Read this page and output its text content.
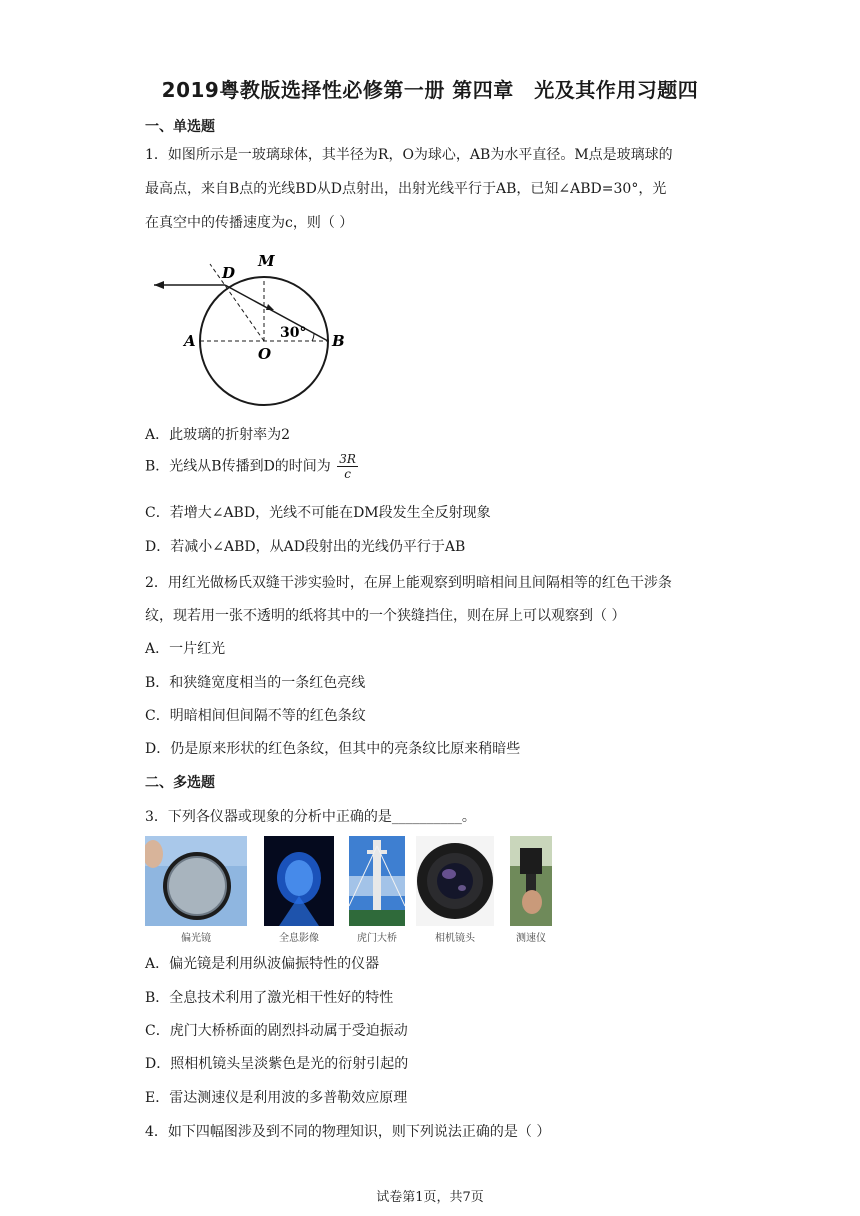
2019粤教版选择性必修第一册 第四章　光及其作用习题四
一、单选题
1．如图所示是一玻璃球体，其半径为R，O为球心，AB为水平直径。M点是玻璃球的
最高点，来自B点的光线BD从D点射出，出射光线平行于AB，已知∠ABD=30°，光
在真空中的传播速度为c，则（ ）
D
M
A
O
B
30°
A．此玻璃的折射率为2
B．光线从B传播到D的时间为 $\frac{3R}{c}$
C．若增大∠ABD，光线不可能在DM段发生全反射现象
D．若减小∠ABD，从AD段射出的光线仍平行于AB
2．用红光做杨氏双缝干涉实验时，在屏上能观察到明暗相间且间隔相等的红色干涉条
纹，现若用一张不透明的纸将其中的一个狭缝挡住，则在屏上可以观察到（ ）
A．一片红光
B．和狭缝宽度相当的一条红色亮线
C．明暗相间但间隔不等的红色条纹
D．仍是原来形状的红色条纹，但其中的亮条纹比原来稍暗些
二、多选题
3．下列各仪器或现象的分析中正确的是__________。
偏光镜	全息影像	虎门大桥	相机镜头	测速仪
A．偏光镜是利用纵波偏振特性的仪器
B．全息技术利用了激光相干性好的特性
C．虎门大桥桥面的剧烈抖动属于受迫振动
D．照相机镜头呈淡紫色是光的衍射引起的
E．雷达测速仪是利用波的多普勒效应原理
4．如下四幅图涉及到不同的物理知识，则下列说法正确的是（ ）
试卷第1页，共7页
